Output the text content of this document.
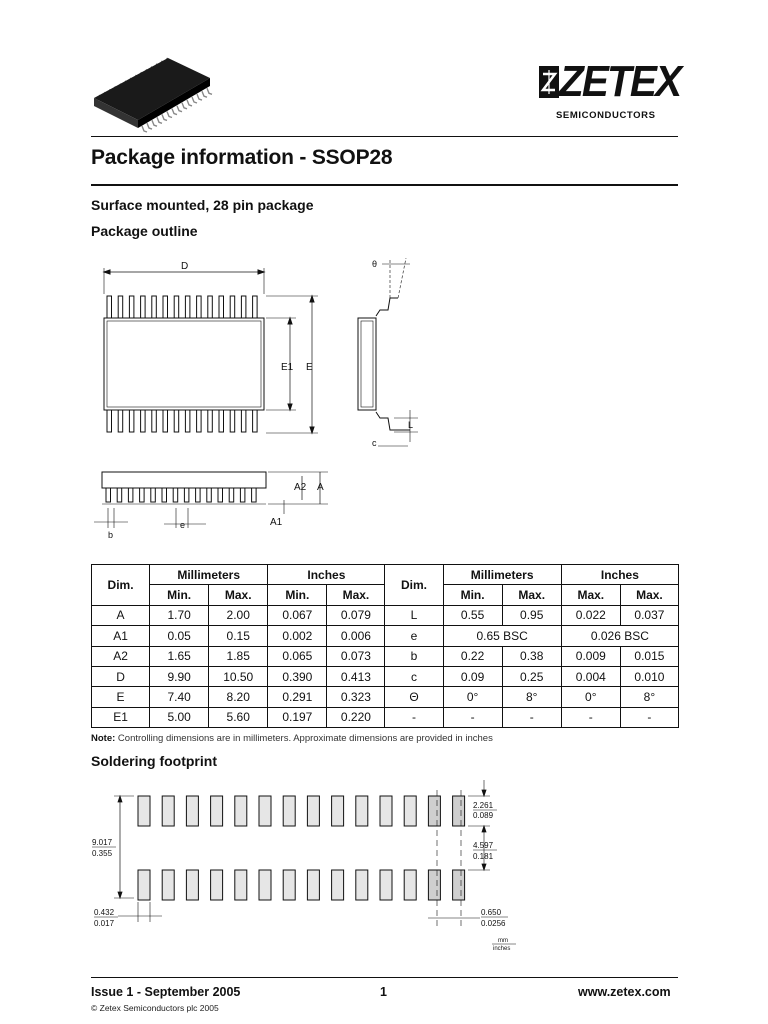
ZETEX
SEMICONDUCTORS
Package information - SSOP28
Surface mounted, 28 pin package
Package outline
D
E1 E
θ
L
c
A2 A
A1
b
e
Dim.	Millimeters		Inches		Dim.	Millimeters		Inches	
	Min.	Max.	Min.	Max.		Min.	Max.	Max.	Max.
A	1.70	2.00	0.067	0.079	L	0.55	0.95	0.022	0.037
A1	0.05	0.15	0.002	0.006	e	0.65 BSC		0.026 BSC	
A2	1.65	1.85	0.065	0.073	b	0.22	0.38	0.009	0.015
D	9.90	10.50	0.390	0.413	c	0.09	0.25	0.004	0.010
E	7.40	8.20	0.291	0.323	Θ	0°	8°	0°	8°
E1	5.00	5.60	0.197	0.220	-	-	-	-	-
Note: Controlling dimensions are in millimeters. Approximate dimensions are provided in inches
Soldering footprint
9.017
0.355
2.261
0.089
4.597
0.181
0.432
0.017
0.650
0.0256
mm
inches
Issue 1 - September 2005	1	www.zetex.com
© Zetex Semiconductors plc 2005
